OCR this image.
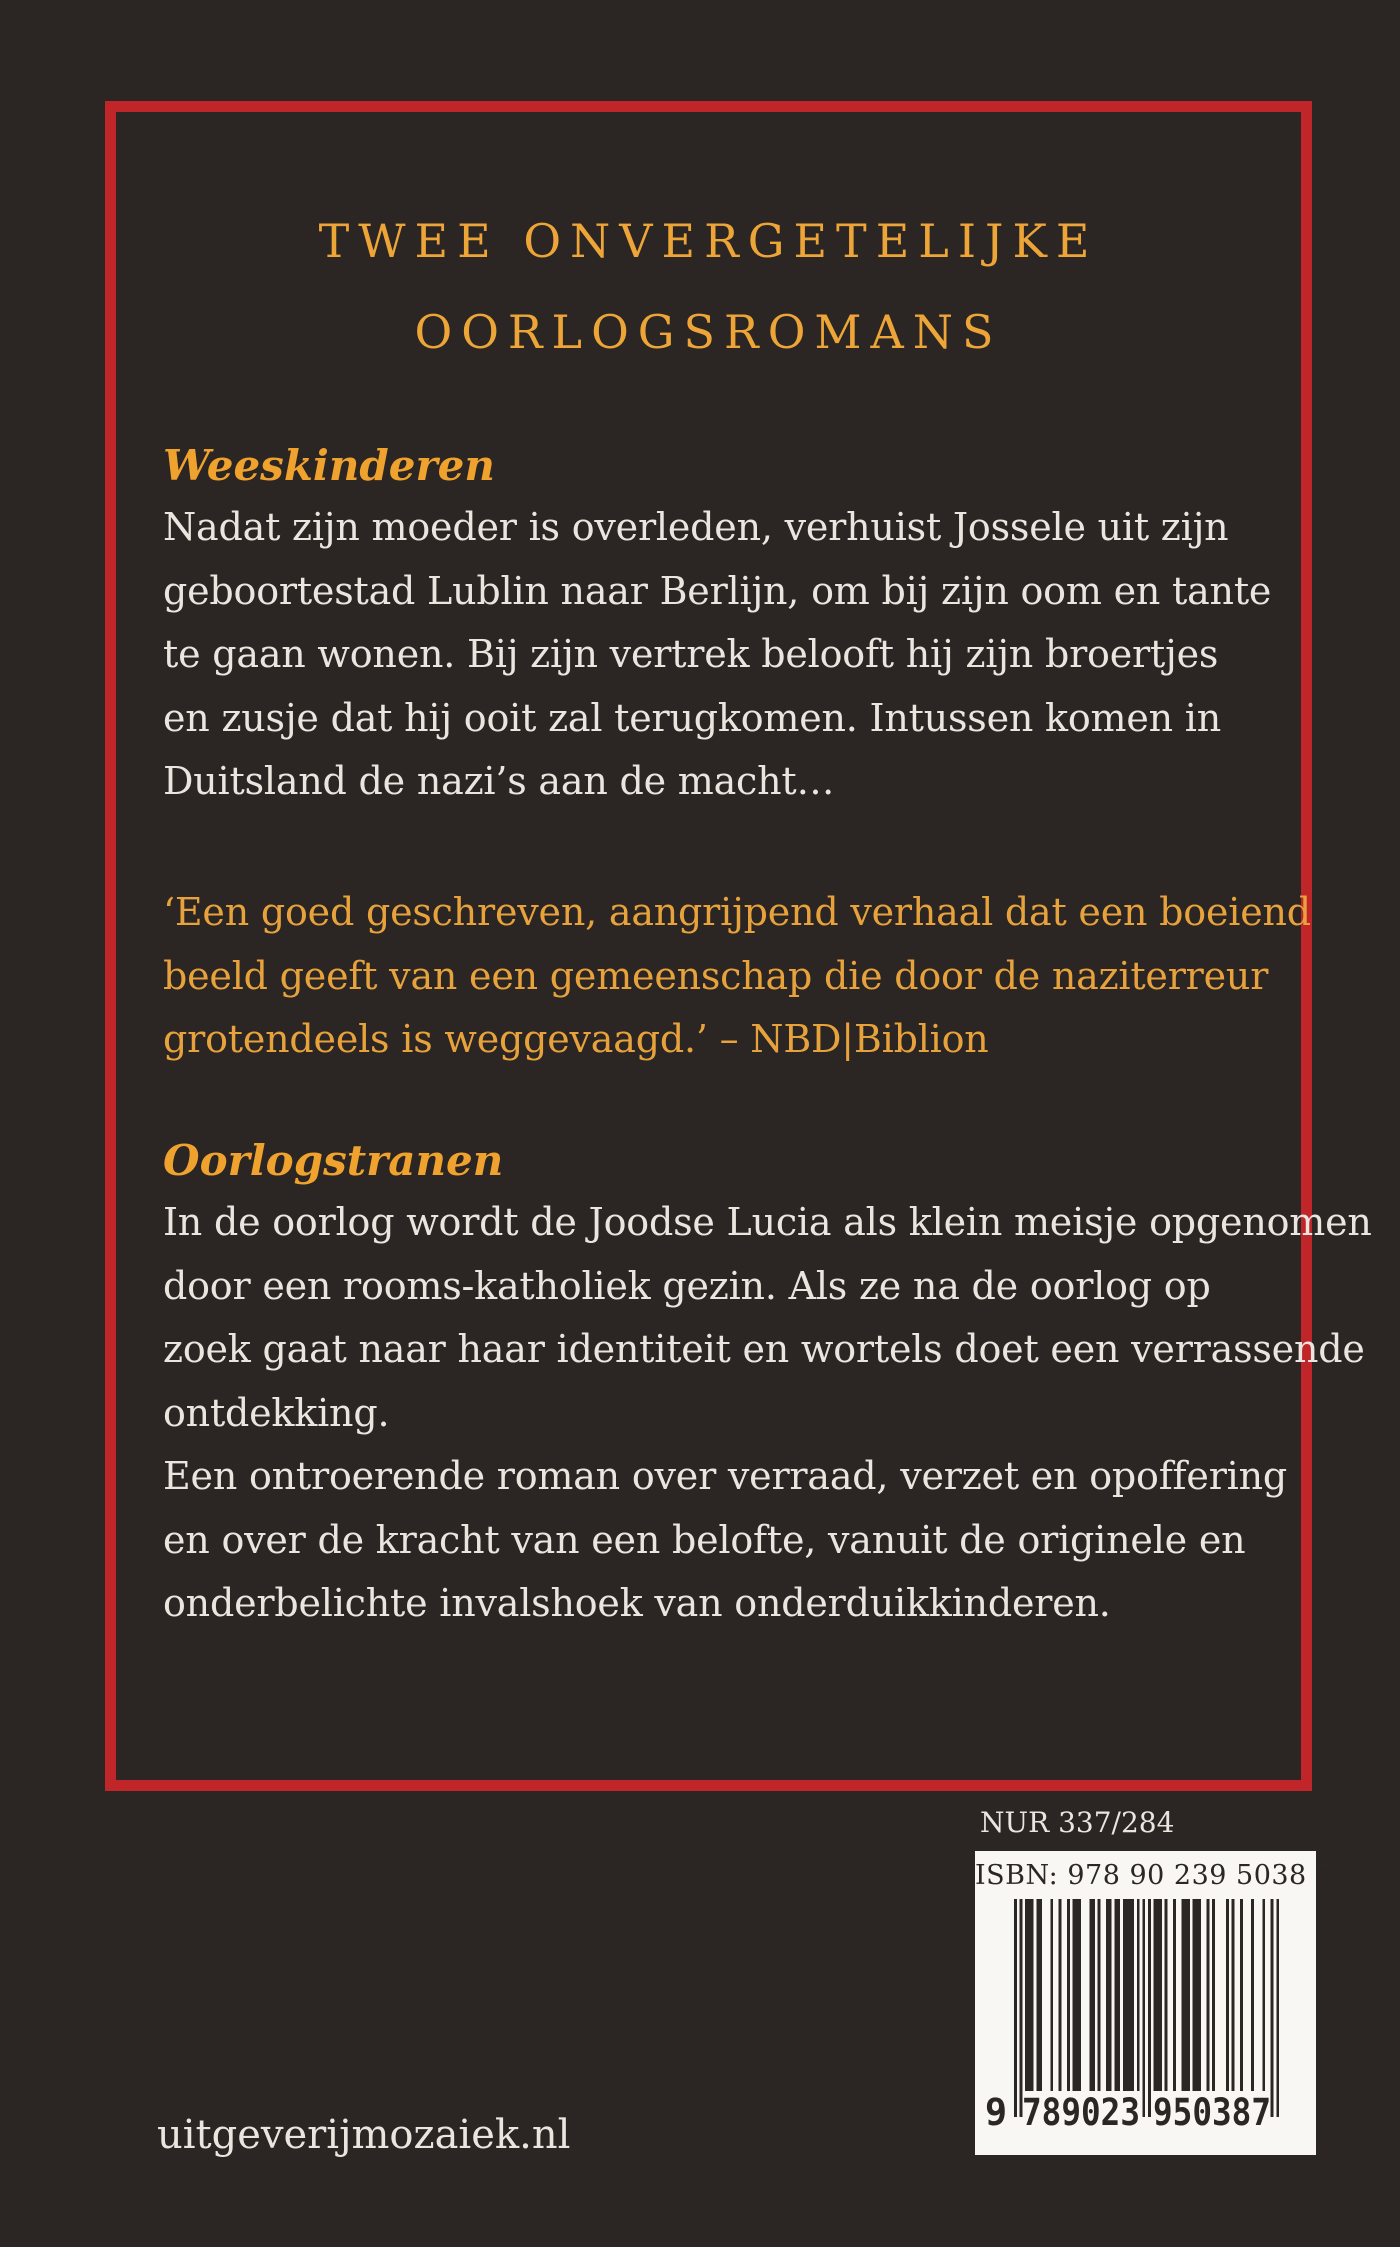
TWEE ONVERGETELIJKE
OORLOGSROMANS
Weeskinderen
Nadat zijn moeder is overleden, verhuist Jossele uit zijn
geboortestad Lublin naar Berlijn, om bij zijn oom en tante
te gaan wonen. Bij zijn vertrek belooft hij zijn broertjes
en zusje dat hij ooit zal terugkomen. Intussen komen in
Duitsland de nazi’s aan de macht…
‘Een goed geschreven, aangrijpend verhaal dat een boeiend
beeld geeft van een gemeenschap die door de naziterreur
grotendeels is weggevaagd.’ – NBD|Biblion
Oorlogstranen
In de oorlog wordt de Joodse Lucia als klein meisje opgenomen
door een rooms-katholiek gezin. Als ze na de oorlog op
zoek gaat naar haar identiteit en wortels doet een verrassende
ontdekking.
Een ontroerende roman over verraad, verzet en opoffering
en over de kracht van een belofte, vanuit de originele en
onderbelichte invalshoek van onderduikkinderen.
NUR 337/284
ISBN: 978 90 239 5038 7
9 789023 950387
uitgeverijmozaiek.nl
